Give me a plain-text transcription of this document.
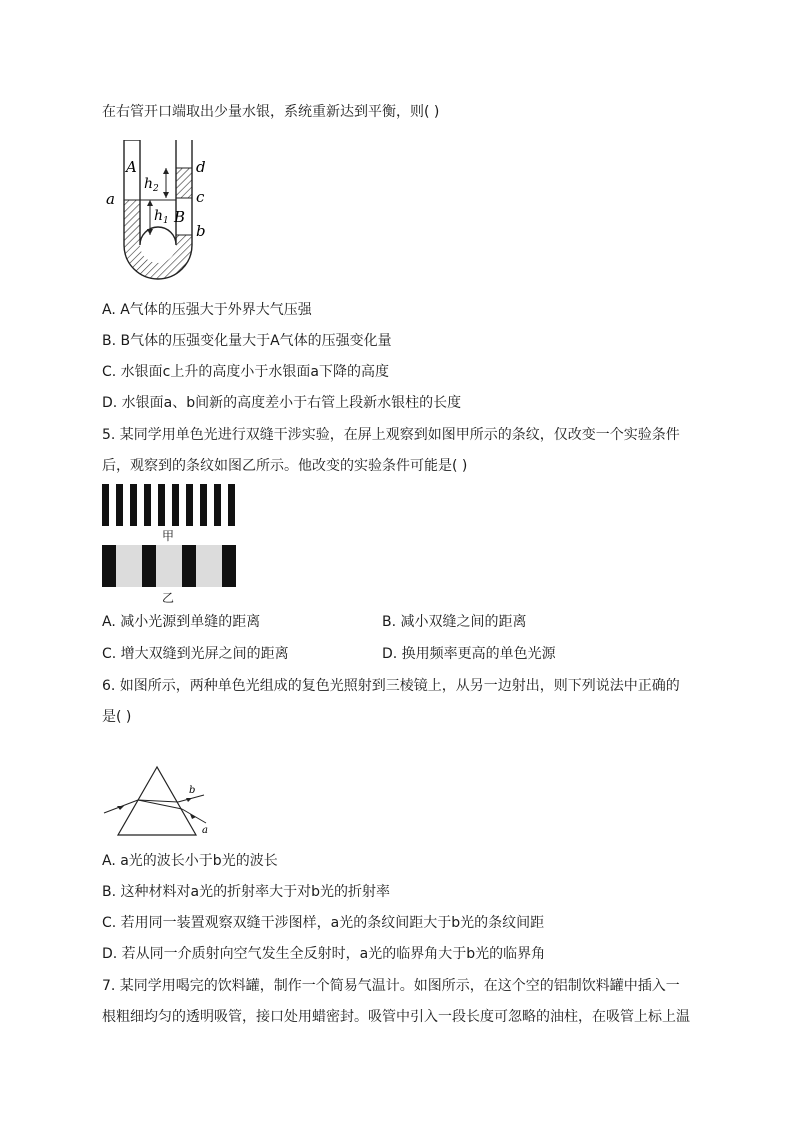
在右管开口端取出少量水银，系统重新达到平衡，则( )
A
B
a
d
c
b
$h_2$
$h_1$
A. A气体的压强大于外界大气压强
B. B气体的压强变化量大于A气体的压强变化量
C. 水银面c上升的高度小于水银面a下降的高度
D. 水银面a、b间新的高度差小于右管上段新水银柱的长度
5. 某同学用单色光进行双缝干涉实验，在屏上观察到如图甲所示的条纹，仅改变一个实验条件
后，观察到的条纹如图乙所示。他改变的实验条件可能是( )
甲
乙
A. 减小光源到单缝的距离	B. 减小双缝之间的距离
C. 增大双缝到光屏之间的距离	D. 换用频率更高的单色光源
6. 如图所示，两种单色光组成的复色光照射到三棱镜上，从另一边射出，则下列说法中正确的
是( )
b
a
A. a光的波长小于b光的波长
B. 这种材料对a光的折射率大于对b光的折射率
C. 若用同一装置观察双缝干涉图样，a光的条纹间距大于b光的条纹间距
D. 若从同一介质射向空气发生全反射时，a光的临界角大于b光的临界角
7. 某同学用喝完的饮料罐，制作一个简易气温计。如图所示，在这个空的铝制饮料罐中插入一
根粗细均匀的透明吸管，接口处用蜡密封。吸管中引入一段长度可忽略的油柱，在吸管上标上温
